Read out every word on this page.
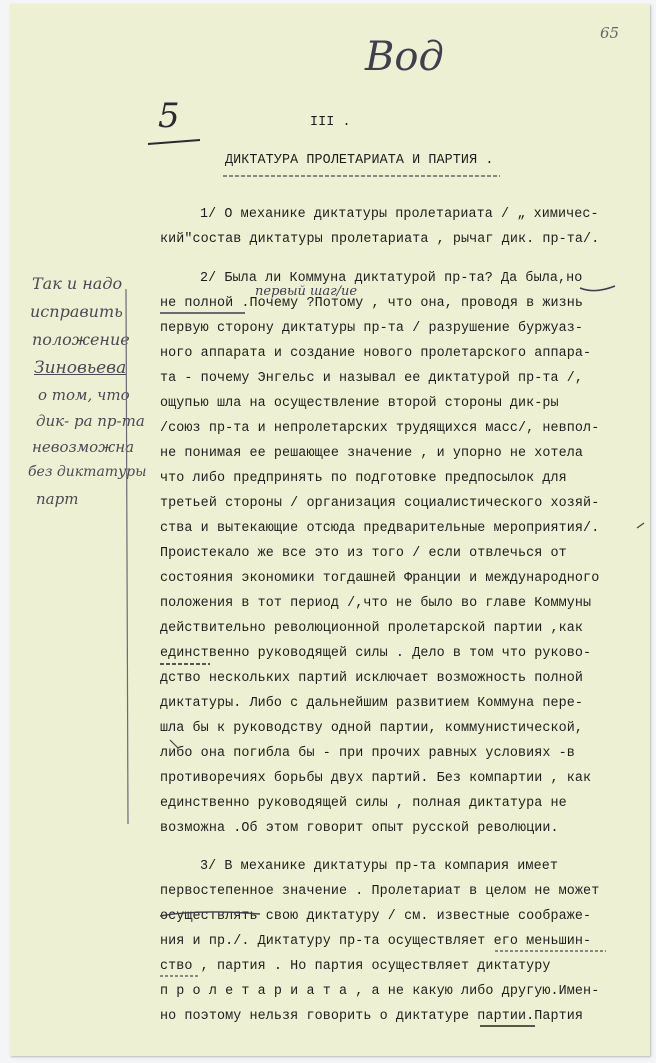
65
Вод
5	III .
ДИКТАТУРА ПРОЛЕТАРИАТА И ПАРТИЯ .
1/ О механике диктатуры пролетариата / „ химичес-
кий"состав диктатуры пролетариата , рычаг дик. пр-та/.
2/ Была ли Коммуна диктатурой пр-та? Да была,но
не полной .Почему ?Потому , что она, проводя в жизнь
первую сторону диктатуры пр-та / разрушение буржуаз-
ного аппарата и создание нового пролетарского аппара-
та - почему Энгельс и называл ее диктатурой пр-та /,
ощупью шла на осуществление второй стороны дик-ры
/союз пр-та и непролетарских трудящихся масс/, невпол-
не понимая ее решающее значение , и упорно не хотела
что либо предпринять по подготовке предпосылок для
третьей стороны / организация социалистического хозяй-
ства и вытекающие отсюда предварительные мероприятия/.
Проистекало же все это из того / если отвлечься от
состояния экономики тогдашней Франции и международного
положения в тот период /,что не было во главе Коммуны
действительно революционной пролетарской партии ,как
единственно руководящей силы . Дело в том что руково-
дство нескольких партий исключает возможность полной
диктатуры. Либо с дальнейшим развитием Коммуна пере-
шла бы к руководству одной партии, коммунистической,
либо она погибла бы - при прочих равных условиях -в
противоречиях борьбы двух партий. Без компартии , как
единственно руководящей силы , полная диктатура не
возможна .Об этом говорит опыт русской революции.
3/ В механике диктатуры пр-та компария имеет
первостепенное значение . Пролетариат в целом не может
осуществлять свою диктатуру / см. известные соображе-
ния и пр./. Диктатуру пр-та осуществляет его меньшин-
ство , партия . Но партия осуществляет диктатуру
п р о л е т а р и а т а , а не какую либо другую.Имен-
но поэтому нельзя говорить о диктатуре партии.Партия
первый шаг/ие
Так и надо
исправить
положение
Зиновьева
о том, что
дик- ра пр-та
невозможна
без диктатуры
парт
